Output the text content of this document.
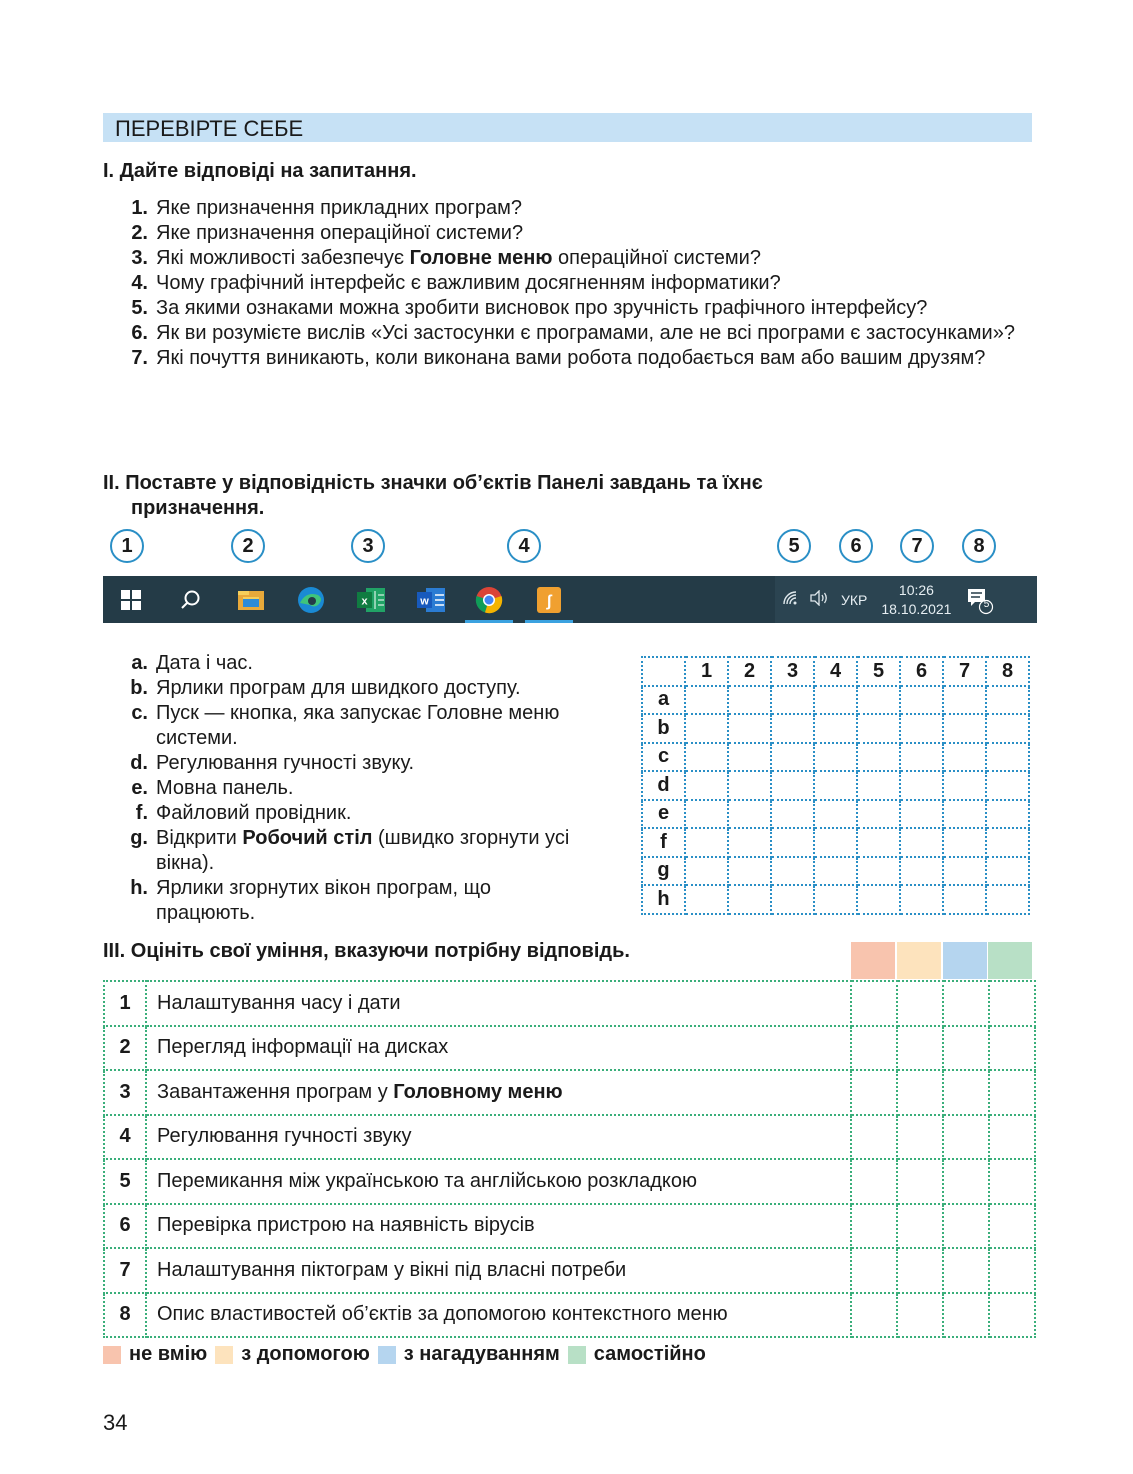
ПЕРЕВІРТЕ СЕБЕ
I. Дайте відповіді на запитання.
1. Яке призначення прикладних програм?
2. Яке призначення операційної системи?
3. Які можливості забезпечує Головне меню операційної системи?
4. Чому графічний інтерфейс є важливим досягненням інформатики?
5. За якими ознаками можна зробити висновок про зручність графічного інтерфейсу?
6. Як ви розумієте вислів «Усі застосунки є програмами, але не всі програми є застосунками»?
7. Які почуття виникають, коли виконана вами робота подобається вам або вашим друзям?
II. Поставте у відповідність значки об’єктів Панелі завдань та їхнє
призначення.
1	2	3	4	5	6	7	8
x	w	ʃ	УКР
10:26
18.10.2021	5
a. Дата і час.
b. Ярлики програм для швидкого доступу.
c. Пуск — кнопка, яка запускає Головне меню системи.
d. Регулювання гучності звуку.
e. Мовна панель.
f. Файловий провідник.
g. Відкрити Робочий стіл (швидко згорнути усі вікна).
h. Ярлики згорнутих вікон програм, що працюють.
	1	2	3	4	5	6	7	8
a								
b								
c								
d								
e								
f								
g								
h								
III. Оцініть свої уміння, вказуючи потрібну відповідь.
1	Налаштування часу і дати				
2	Перегляд інформації на дисках				
3	Завантаження програм у Головному меню				
4	Регулювання гучності звуку				
5	Перемикання між українською та англійською розкладкою				
6	Перевірка пристрою на наявність вірусів				
7	Налаштування піктограм у вікні під власні потреби				
8	Опис властивостей об’єктів за допомогою контекстного меню				
не вмію з допомогою з нагадуванням самостійно
34
